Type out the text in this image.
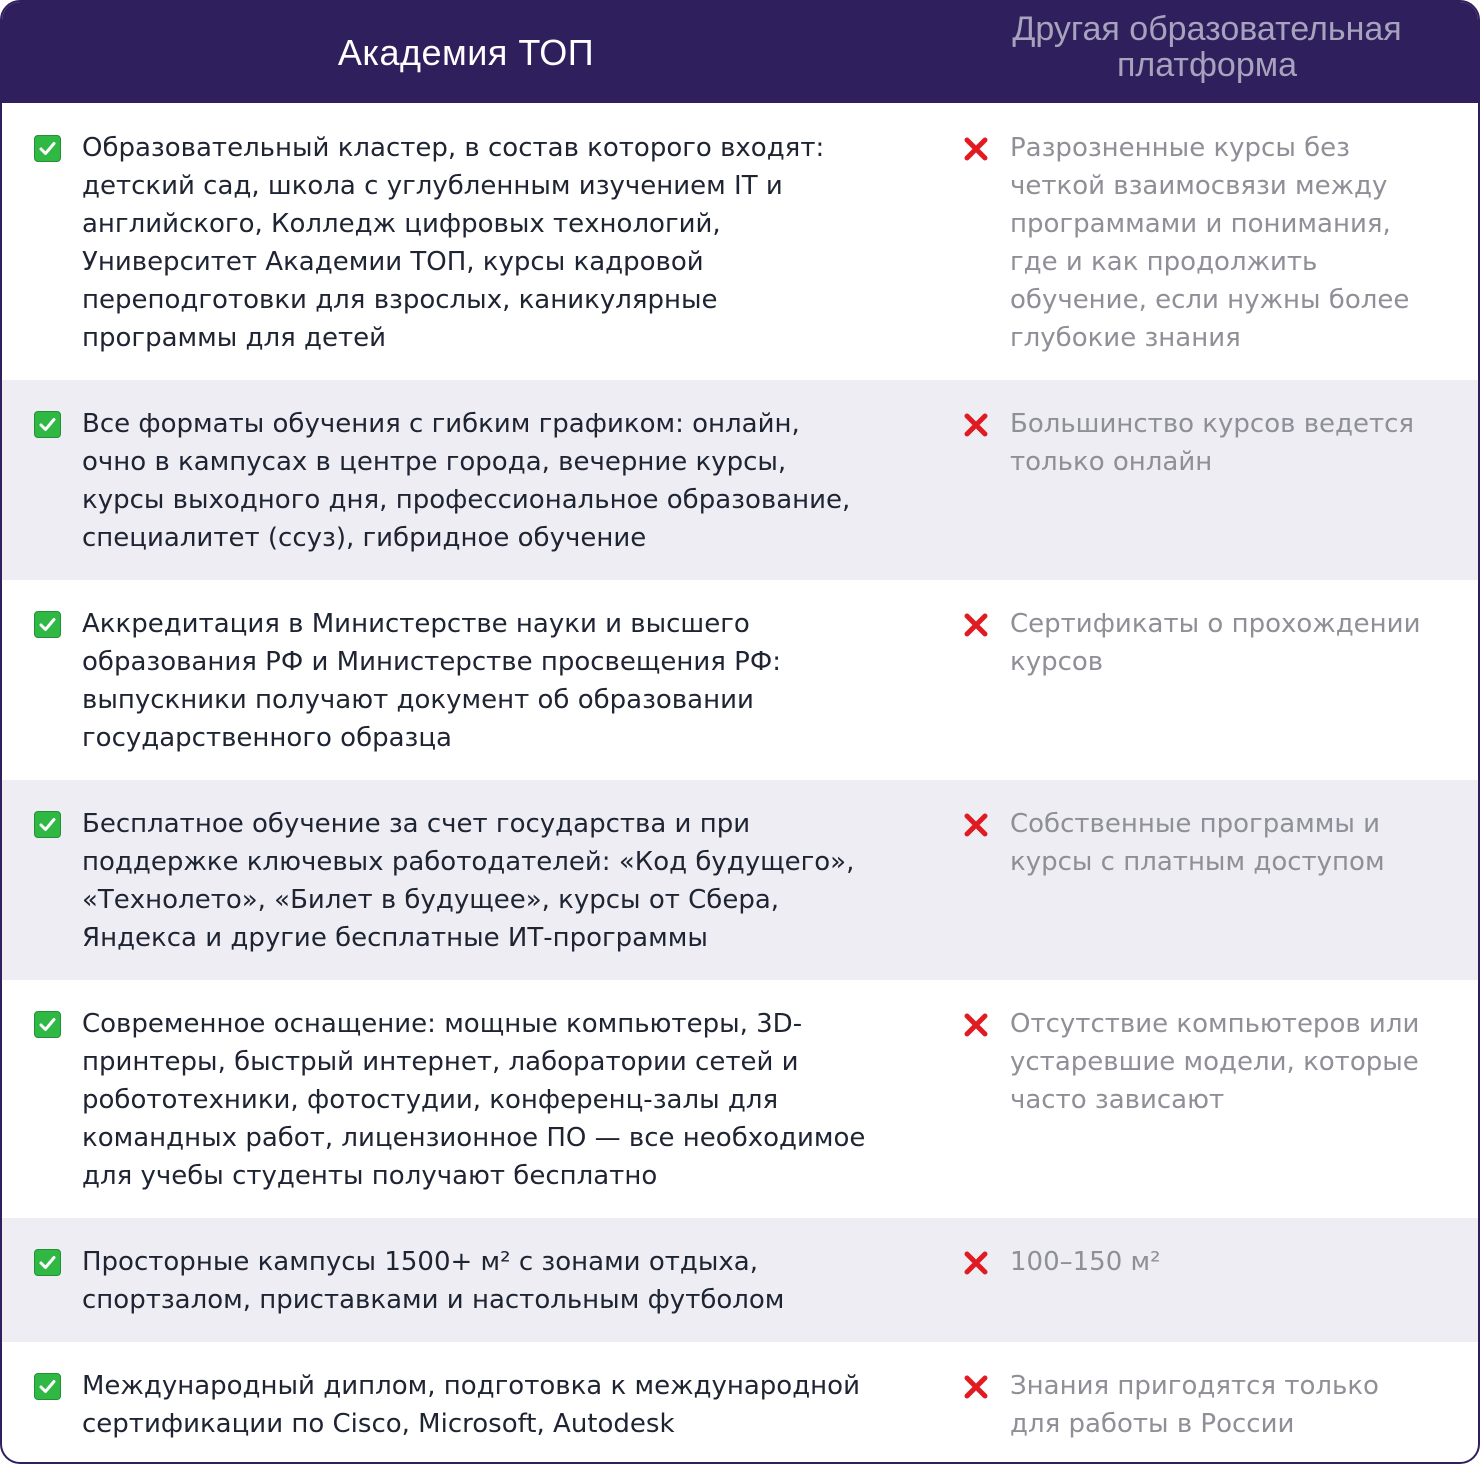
Академия ТОП
Другая образовательная платформа
Образовательный кластер, в состав которого входят:
детский сад, школа с углубленным изучением IT и
английского, Колледж цифровых технологий,
Университет Академии ТОП, курсы кадровой
переподготовки для взрослых, каникулярные
программы для детей
Разрозненные курсы без
четкой взаимосвязи между
программами и понимания,
где и как продолжить
обучение, если нужны более
глубокие знания
Все форматы обучения с гибким графиком: онлайн,
очно в кампусах в центре города, вечерние курсы,
курсы выходного дня, профессиональное образование,
специалитет (ссуз), гибридное обучение
Большинство курсов ведется
только онлайн
Аккредитация в Министерстве науки и высшего
образования РФ и Министерстве просвещения РФ:
выпускники получают документ об образовании
государственного образца
Сертификаты о прохождении
курсов
Бесплатное обучение за счет государства и при
поддержке ключевых работодателей: «Код будущего»,
«Технолето», «Билет в будущее», курсы от Сбера,
Яндекса и другие бесплатные ИТ-программы
Собственные программы и
курсы с платным доступом
Современное оснащение: мощные компьютеры, 3D-
принтеры, быстрый интернет, лаборатории сетей и
робототехники, фотостудии, конференц-залы для
командных работ, лицензионное ПО — все необходимое
для учебы студенты получают бесплатно
Отсутствие компьютеров или
устаревшие модели, которые
часто зависают
Просторные кампусы 1500+ м² с зонами отдыха,
спортзалом, приставками и настольным футболом
100–150 м²
Международный диплом, подготовка к международной
сертификации по Cisco, Microsoft, Autodesk
Знания пригодятся только
для работы в России
